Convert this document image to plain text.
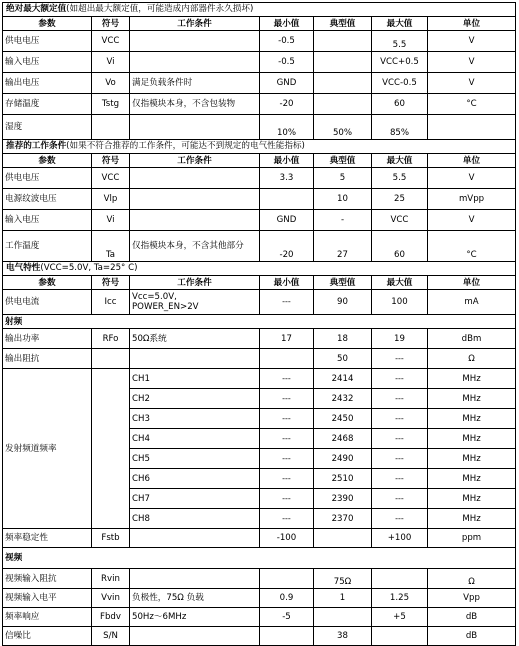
绝对最大额定值(如超出最大额定值，可能造成内部器件永久损坏)						
参数	符号	工作条件	最小值	典型值	最大值	单位
供电电压	VCC		-0.5		5.5	V
输入电压	Vi		-0.5		VCC+0.5	V
输出电压	Vo	满足负载条件时	GND		VCC-0.5	V
存储温度	Tstg	仅指模块本身，不含包装物	-20		60	°C
湿度			10%	50%	85%	
推荐的工作条件(如果不符合推荐的工作条件，可能达不到规定的电气性能指标)						
参数	符号	工作条件	最小值	典型值	最大值	单位
供电电压	VCC		3.3	5	5.5	V
电源纹波电压	Vlp			10	25	mVpp
输入电压	Vi		GND	-	VCC	V
工作温度	Ta	仅指模块本身，不含其他部分	-20	27	60	°C
电气特性(VCC=5.0V, Ta=25° C)						
参数	符号	工作条件	最小值	典型值	最大值	单位
供电电流	Icc	Vcc=5.0V,
POWER_EN>2V	---	90	100	mA
射频						
输出功率	RFo	50Ω系统	17	18	19	dBm
输出阻抗				50	---	Ω
发射频道频率		CH1	---	2414	---	MHz
		CH2	---	2432	---	MHz
		CH3	---	2450	---	MHz
		CH4	---	2468	---	MHz
		CH5	---	2490	---	MHz
		CH6	---	2510	---	MHz
		CH7	---	2390	---	MHz
		CH8	---	2370	---	MHz
频率稳定性	Fstb		-100		+100	ppm
视频						
视频输入阻抗	Rvin			75Ω		Ω
视频输入电平	Vvin	负极性，75Ω 负载	0.9	1	1.25	Vpp
频率响应	Fbdv	50Hz～6MHz	-5		+5	dB
信噪比	S/N			38		dB
